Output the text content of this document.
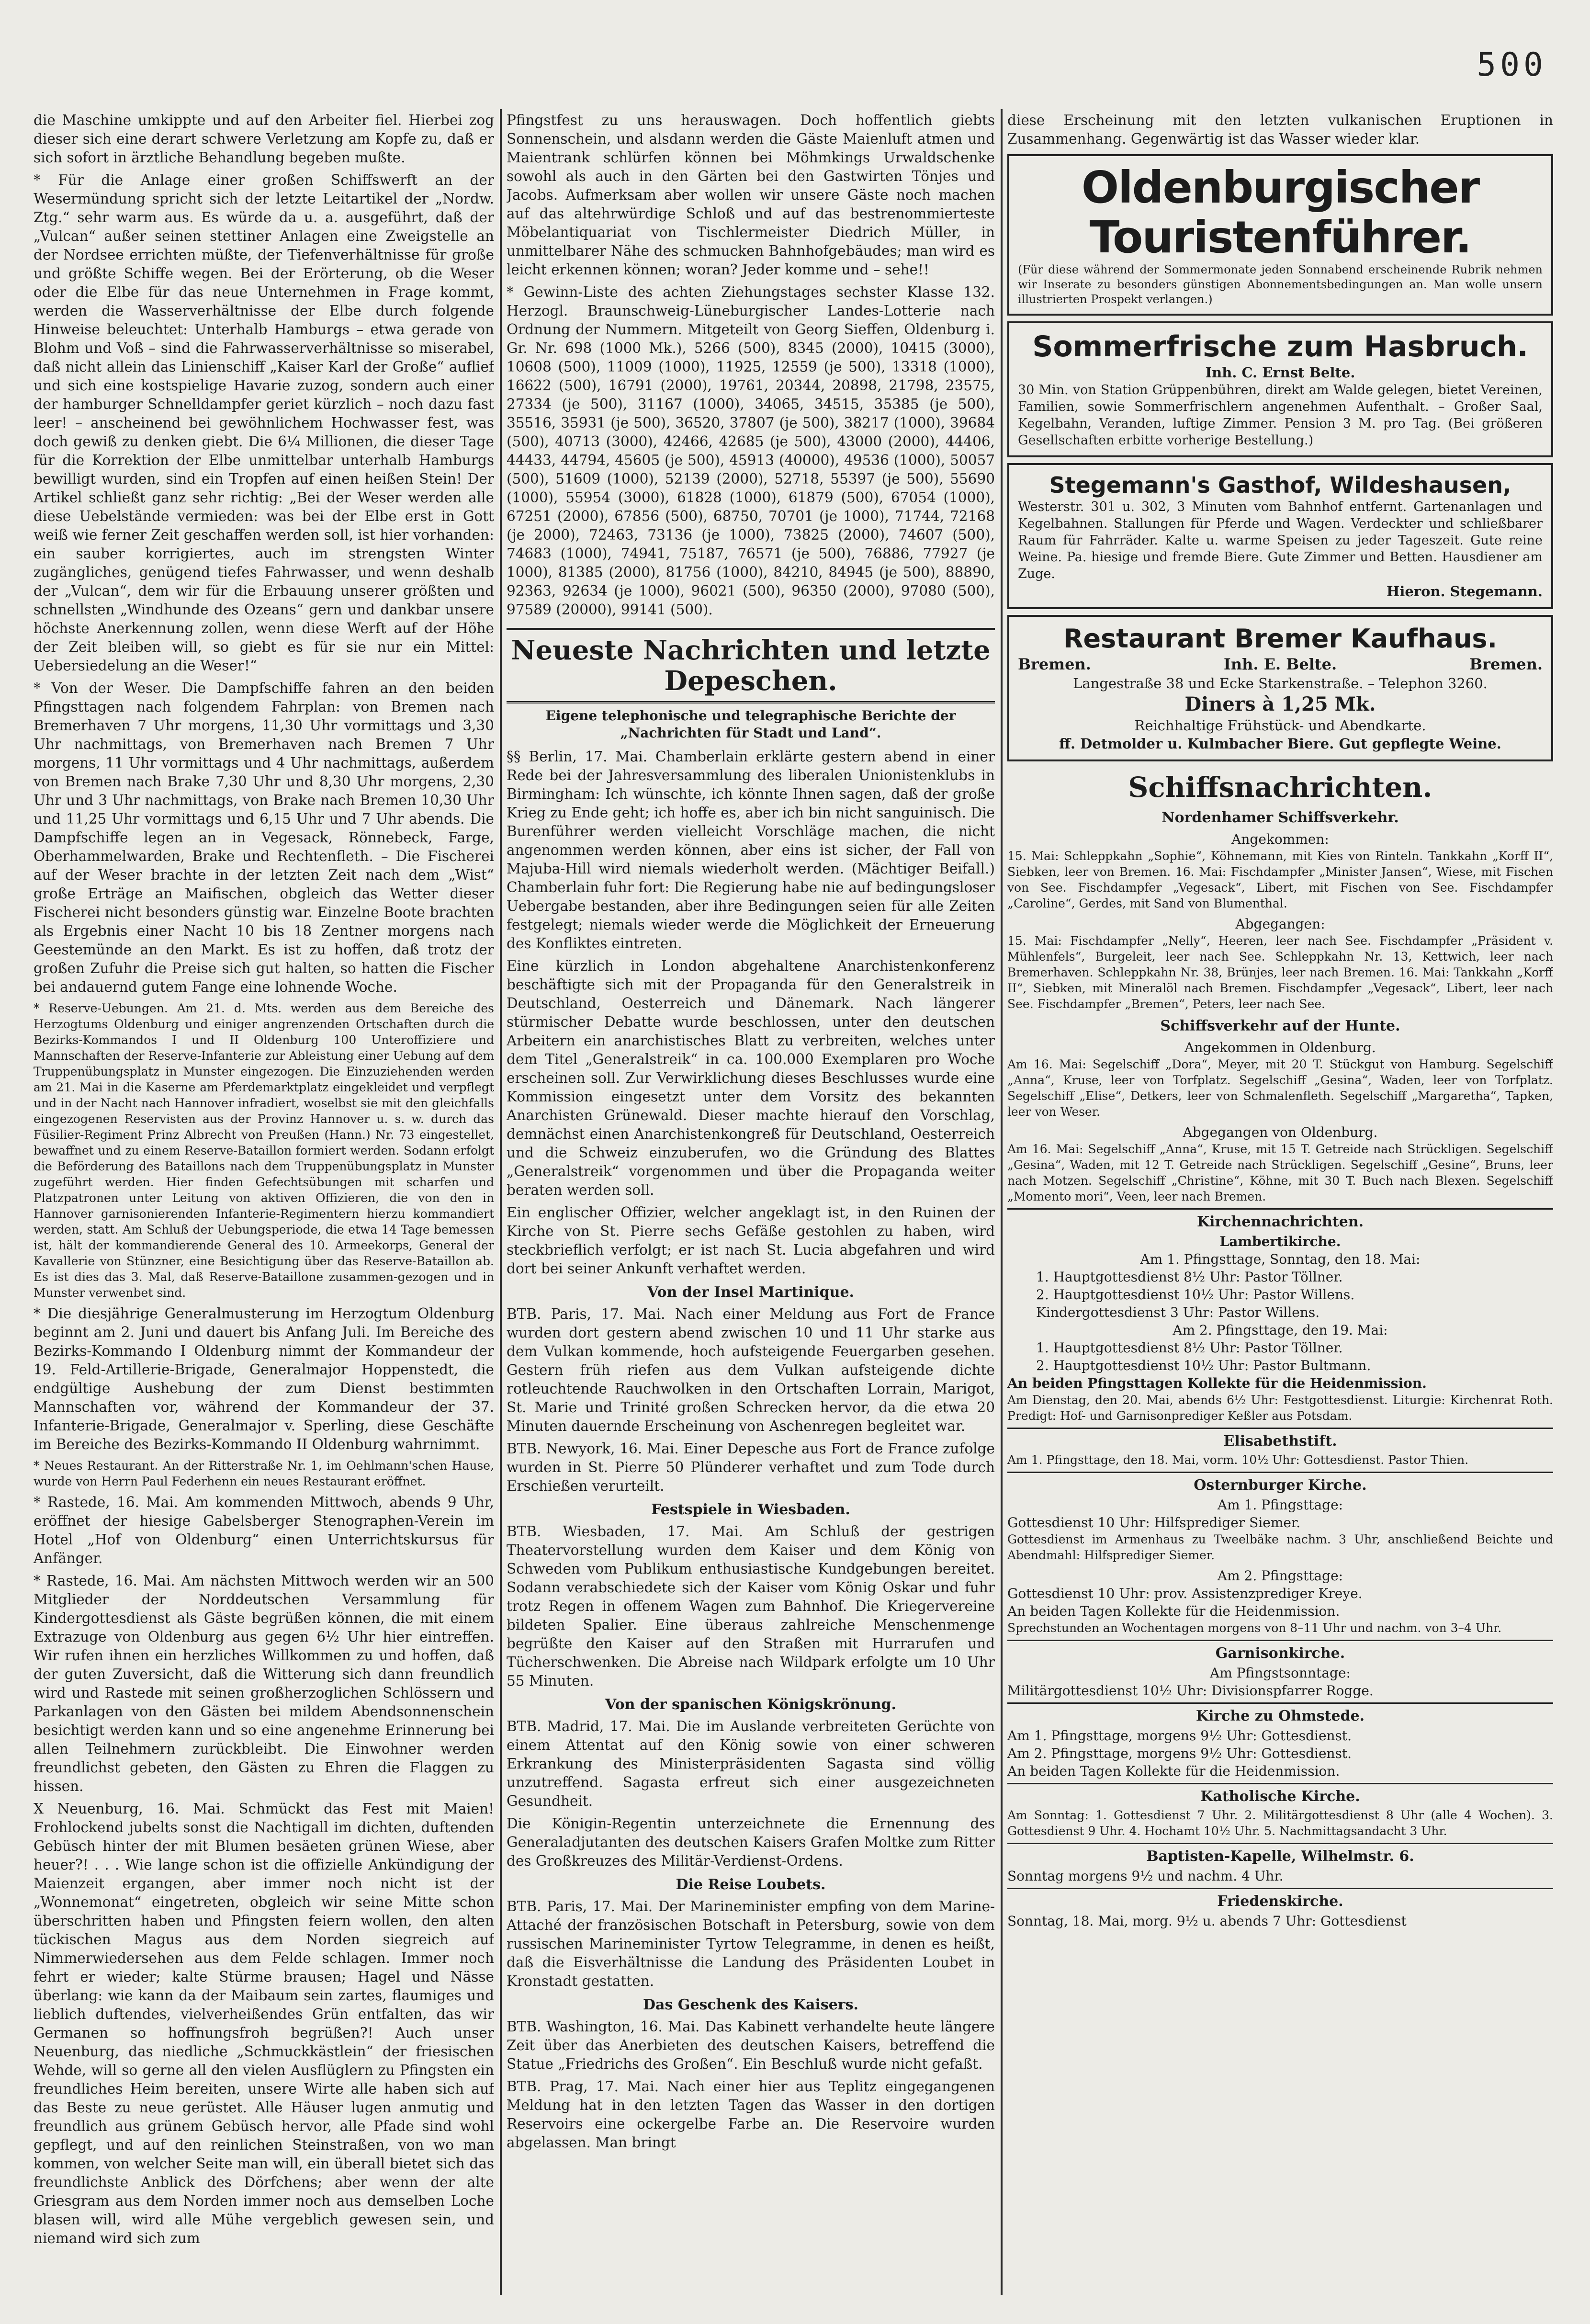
500

die Maschine umkippte und auf den Arbeiter fiel. Hierbei zog dieser sich eine derart schwere Verletzung am Kopfe zu, daß er sich sofort in ärztliche Behandlung begeben mußte.

* Für die Anlage einer großen Schiffswerft an der Wesermündung spricht sich der letzte Leitartikel der „Nordw. Ztg.“ sehr warm aus. Es würde da u. a. ausgeführt, daß der „Vulcan“ außer seinen stettiner Anlagen eine Zweigstelle an der Nordsee errichten müßte, der Tiefenverhältnisse für große und größte Schiffe wegen. Bei der Erörterung, ob die Weser oder die Elbe für das neue Unternehmen in Frage kommt, werden die Wasserverhältnisse der Elbe durch folgende Hinweise beleuchtet: Unterhalb Hamburgs – etwa gerade von Blohm und Voß – sind die Fahrwasserverhältnisse so miserabel, daß nicht allein das Linienschiff „Kaiser Karl der Große“ auflief und sich eine kostspielige Havarie zuzog, sondern auch einer der hamburger Schnelldampfer geriet kürzlich – noch dazu fast leer! – anscheinend bei gewöhnlichem Hochwasser fest, was doch gewiß zu denken giebt. Die 6¼ Millionen, die dieser Tage für die Korrektion der Elbe unmittelbar unterhalb Hamburgs bewilligt wurden, sind ein Tropfen auf einen heißen Stein! Der Artikel schließt ganz sehr richtig: „Bei der Weser werden alle diese Uebelstände vermieden: was bei der Elbe erst in Gott weiß wie ferner Zeit geschaffen werden soll, ist hier vorhanden: ein sauber korrigiertes, auch im strengsten Winter zugängliches, genügend tiefes Fahrwasser, und wenn deshalb der „Vulcan“, dem wir für die Erbauung unserer größten und schnellsten „Windhunde des Ozeans“ gern und dankbar unsere höchste Anerkennung zollen, wenn diese Werft auf der Höhe der Zeit bleiben will, so giebt es für sie nur ein Mittel: Uebersiedelung an die Weser!“

* Von der Weser. Die Dampfschiffe fahren an den beiden Pfingsttagen nach folgendem Fahrplan: von Bremen nach Bremerhaven 7 Uhr morgens, 11,30 Uhr vormittags und 3,30 Uhr nachmittags, von Bremerhaven nach Bremen 7 Uhr morgens, 11 Uhr vormittags und 4 Uhr nachmittags, außerdem von Bremen nach Brake 7,30 Uhr und 8,30 Uhr morgens, 2,30 Uhr und 3 Uhr nachmittags, von Brake nach Bremen 10,30 Uhr und 11,25 Uhr vormittags und 6,15 Uhr und 7 Uhr abends. Die Dampfschiffe legen an in Vegesack, Rönnebeck, Farge, Oberhammelwarden, Brake und Rechtenfleth. – Die Fischerei auf der Weser brachte in der letzten Zeit nach dem „Wist“ große Erträge an Maifischen, obgleich das Wetter dieser Fischerei nicht besonders günstig war. Einzelne Boote brachten als Ergebnis einer Nacht 10 bis 18 Zentner morgens nach Geestemünde an den Markt. Es ist zu hoffen, daß trotz der großen Zufuhr die Preise sich gut halten, so hatten die Fischer bei andauernd gutem Fange eine lohnende Woche.

* Reserve-Uebungen. Am 21. d. Mts. werden aus dem Bereiche des Herzogtums Oldenburg und einiger angrenzenden Ortschaften durch die Bezirks-Kommandos I und II Oldenburg 100 Unteroffiziere und Mannschaften der Reserve-Infanterie zur Ableistung einer Uebung auf dem Truppenübungsplatz in Munster eingezogen. Die Einzuziehenden werden am 21. Mai in die Kaserne am Pferdemarktplatz eingekleidet und verpflegt und in der Nacht nach Hannover infradiert, woselbst sie mit den gleichfalls eingezogenen Reservisten aus der Provinz Hannover u. s. w. durch das Füsilier-Regiment Prinz Albrecht von Preußen (Hann.) Nr. 73 eingestellet, bewaffnet und zu einem Reserve-Bataillon formiert werden. Sodann erfolgt die Beförderung des Bataillons nach dem Truppenübungsplatz in Munster zugeführt werden. Hier finden Gefechtsübungen mit scharfen und Platzpatronen unter Leitung von aktiven Offizieren, die von den in Hannover garnisonierenden Infanterie-Regimentern hierzu kommandiert werden, statt. Am Schluß der Uebungsperiode, die etwa 14 Tage bemessen ist, hält der kommandierende General des 10. Armeekorps, General der Kavallerie von Stünzner, eine Besichtigung über das Reserve-Bataillon ab. Es ist dies das 3. Mal, daß Reserve-Bataillone zusammen-gezogen und in Munster verwenbet sind.

* Die diesjährige Generalmusterung im Herzogtum Oldenburg beginnt am 2. Juni und dauert bis Anfang Juli. Im Bereiche des Bezirks-Kommando I Oldenburg nimmt der Kommandeur der 19. Feld-Artillerie-Brigade, Generalmajor Hoppenstedt, die endgültige Aushebung der zum Dienst bestimmten Mannschaften vor, während der Kommandeur der 37. Infanterie-Brigade, Generalmajor v. Sperling, diese Geschäfte im Bereiche des Bezirks-Kommando II Oldenburg wahrnimmt.

* Neues Restaurant. An der Ritterstraße Nr. 1, im Oehlmann'schen Hause, wurde von Herrn Paul Federhenn ein neues Restaurant eröffnet.

* Rastede, 16. Mai. Am kommenden Mittwoch, abends 9 Uhr, eröffnet der hiesige Gabelsberger Stenographen-Verein im Hotel „Hof von Oldenburg“ einen Unterrichtskursus für Anfänger.

* Rastede, 16. Mai. Am nächsten Mittwoch werden wir an 500 Mitglieder der Norddeutschen Versammlung für Kindergottesdienst als Gäste begrüßen können, die mit einem Extrazuge von Oldenburg aus gegen 6½ Uhr hier eintreffen. Wir rufen ihnen ein herzliches Willkommen zu und hoffen, daß der guten Zuversicht, daß die Witterung sich dann freundlich wird und Rastede mit seinen großherzoglichen Schlössern und Parkanlagen von den Gästen bei mildem Abendsonnenschein besichtigt werden kann und so eine angenehme Erinnerung bei allen Teilnehmern zurückbleibt. Die Einwohner werden freundlichst gebeten, den Gästen zu Ehren die Flaggen zu hissen.

X Neuenburg, 16. Mai. Schmückt das Fest mit Maien! Frohlockend jubelts sonst die Nachtigall im dichten, duftenden Gebüsch hinter der mit Blumen besäeten grünen Wiese, aber heuer?! . . . Wie lange schon ist die offizielle Ankündigung der Maienzeit ergangen, aber immer noch nicht ist der „Wonnemonat“ eingetreten, obgleich wir seine Mitte schon überschritten haben und Pfingsten feiern wollen, den alten tückischen Magus aus dem Norden siegreich auf Nimmerwiedersehen aus dem Felde schlagen. Immer noch fehrt er wieder; kalte Stürme brausen; Hagel und Nässe überlang: wie kann da der Maibaum sein zartes, flaumiges und lieblich duftendes, vielverheißendes Grün entfalten, das wir Germanen so hoffnungsfroh begrüßen?! Auch unser Neuenburg, das niedliche „Schmuckkästlein“ der friesischen Wehde, will so gerne all den vielen Ausflüglern zu Pfingsten ein freundliches Heim bereiten, unsere Wirte alle haben sich auf das Beste zu neue gerüstet. Alle Häuser lugen anmutig und freundlich aus grünem Gebüsch hervor, alle Pfade sind wohl gepflegt, und auf den reinlichen Steinstraßen, von wo man kommen, von welcher Seite man will, ein überall bietet sich das freundlichste Anblick des Dörfchens; aber wenn der alte Griesgram aus dem Norden immer noch aus demselben Loche blasen will, wird alle Mühe vergeblich gewesen sein, und niemand wird sich zum

Pfingstfest zu uns herauswagen. Doch hoffentlich giebts Sonnenschein, und alsdann werden die Gäste Maienluft atmen und Maientrank schlürfen können bei Möhmkings Urwaldschenke sowohl als auch in den Gärten bei den Gastwirten Tönjes und Jacobs. Aufmerksam aber wollen wir unsere Gäste noch machen auf das altehrwürdige Schloß und auf das bestrenommierteste Möbelantiquariat von Tischlermeister Diedrich Müller, in unmittelbarer Nähe des schmucken Bahnhofgebäudes; man wird es leicht erkennen können; woran? Jeder komme und – sehe!!

* Gewinn-Liste des achten Ziehungstages sechster Klasse 132. Herzogl. Braunschweig-Lüneburgischer Landes-Lotterie nach Ordnung der Nummern. Mitgeteilt von Georg Sieffen, Oldenburg i. Gr. Nr. 698 (1000 Mk.), 5266 (500), 8345 (2000), 10415 (3000), 10608 (500), 11009 (1000), 11925, 12559 (je 500), 13318 (1000), 16622 (500), 16791 (2000), 19761, 20344, 20898, 21798, 23575, 27334 (je 500), 31167 (1000), 34065, 34515, 35385 (je 500), 35516, 35931 (je 500), 36520, 37807 (je 500), 38217 (1000), 39684 (500), 40713 (3000), 42466, 42685 (je 500), 43000 (2000), 44406, 44433, 44794, 45605 (je 500), 45913 (40000), 49536 (1000), 50057 (500), 51609 (1000), 52139 (2000), 52718, 55397 (je 500), 55690 (1000), 55954 (3000), 61828 (1000), 61879 (500), 67054 (1000), 67251 (2000), 67856 (500), 68750, 70701 (je 1000), 71744, 72168 (je 2000), 72463, 73136 (je 1000), 73825 (2000), 74607 (500), 74683 (1000), 74941, 75187, 76571 (je 500), 76886, 77927 (je 1000), 81385 (2000), 81756 (1000), 84210, 84945 (je 500), 88890, 92363, 92634 (je 1000), 96021 (500), 96350 (2000), 97080 (500), 97589 (20000), 99141 (500).

Neueste Nachrichten und letzte Depeschen.
Eigene telephonische und telegraphische Berichte der „Nachrichten für Stadt und Land“.

§§ Berlin, 17. Mai. Chamberlain erklärte gestern abend in einer Rede bei der Jahresversammlung des liberalen Unionistenklubs in Birmingham: Ich wünschte, ich könnte Ihnen sagen, daß der große Krieg zu Ende geht; ich hoffe es, aber ich bin nicht sanguinisch. Die Burenführer werden vielleicht Vorschläge machen, die nicht angenommen werden können, aber eins ist sicher, der Fall von Majuba-Hill wird niemals wiederholt werden. (Mächtiger Beifall.) Chamberlain fuhr fort: Die Regierung habe nie auf bedingungsloser Uebergabe bestanden, aber ihre Bedingungen seien für alle Zeiten festgelegt; niemals wieder werde die Möglichkeit der Erneuerung des Konfliktes eintreten.

Eine kürzlich in London abgehaltene Anarchistenkonferenz beschäftigte sich mit der Propaganda für den Generalstreik in Deutschland, Oesterreich und Dänemark. Nach längerer stürmischer Debatte wurde beschlossen, unter den deutschen Arbeitern ein anarchistisches Blatt zu verbreiten, welches unter dem Titel „Generalstreik“ in ca. 100.000 Exemplaren pro Woche erscheinen soll. Zur Verwirklichung dieses Beschlusses wurde eine Kommission eingesetzt unter dem Vorsitz des bekannten Anarchisten Grünewald. Dieser machte hierauf den Vorschlag, demnächst einen Anarchistenkongreß für Deutschland, Oesterreich und die Schweiz einzuberufen, wo die Gründung des Blattes „Generalstreik“ vorgenommen und über die Propaganda weiter beraten werden soll.

Ein englischer Offizier, welcher angeklagt ist, in den Ruinen der Kirche von St. Pierre sechs Gefäße gestohlen zu haben, wird steckbrieflich verfolgt; er ist nach St. Lucia abgefahren und wird dort bei seiner Ankunft verhaftet werden.

Von der Insel Martinique.

BTB. Paris, 17. Mai. Nach einer Meldung aus Fort de France wurden dort gestern abend zwischen 10 und 11 Uhr starke aus dem Vulkan kommende, hoch aufsteigende Feuergarben gesehen. Gestern früh riefen aus dem Vulkan aufsteigende dichte rotleuchtende Rauchwolken in den Ortschaften Lorrain, Marigot, St. Marie und Trinité großen Schrecken hervor, da die etwa 20 Minuten dauernde Erscheinung von Aschenregen begleitet war.

BTB. Newyork, 16. Mai. Einer Depesche aus Fort de France zufolge wurden in St. Pierre 50 Plünderer verhaftet und zum Tode durch Erschießen verurteilt.

Festspiele in Wiesbaden.

BTB. Wiesbaden, 17. Mai. Am Schluß der gestrigen Theatervorstellung wurden dem Kaiser und dem König von Schweden vom Publikum enthusiastische Kundgebungen bereitet. Sodann verabschiedete sich der Kaiser vom König Oskar und fuhr trotz Regen in offenem Wagen zum Bahnhof. Die Kriegervereine bildeten Spalier. Eine überaus zahlreiche Menschenmenge begrüßte den Kaiser auf den Straßen mit Hurrarufen und Tücherschwenken. Die Abreise nach Wildpark erfolgte um 10 Uhr 55 Minuten.

Von der spanischen Königskrönung.

BTB. Madrid, 17. Mai. Die im Auslande verbreiteten Gerüchte von einem Attentat auf den König sowie von einer schweren Erkrankung des Ministerpräsidenten Sagasta sind völlig unzutreffend. Sagasta erfreut sich einer ausgezeichneten Gesundheit.

Die Königin-Regentin unterzeichnete die Ernennung des Generaladjutanten des deutschen Kaisers Grafen Moltke zum Ritter des Großkreuzes des Militär-Verdienst-Ordens.

Die Reise Loubets.

BTB. Paris, 17. Mai. Der Marineminister empfing von dem Marine-Attaché der französischen Botschaft in Petersburg, sowie von dem russischen Marineminister Tyrtow Telegramme, in denen es heißt, daß die Eisverhältnisse die Landung des Präsidenten Loubet in Kronstadt gestatten.

Das Geschenk des Kaisers.

BTB. Washington, 16. Mai. Das Kabinett verhandelte heute längere Zeit über das Anerbieten des deutschen Kaisers, betreffend die Statue „Friedrichs des Großen“. Ein Beschluß wurde nicht gefaßt.

BTB. Prag, 17. Mai. Nach einer hier aus Teplitz eingegangenen Meldung hat in den letzten Tagen das Wasser in den dortigen Reservoirs eine ockergelbe Farbe an. Die Reservoire wurden abgelassen. Man bringt

diese Erscheinung mit den letzten vulkanischen Eruptionen in Zusammenhang. Gegenwärtig ist das Wasser wieder klar.

Oldenburgischer
Touristenführer.
(Für diese während der Sommermonate jeden Sonnabend erscheinende Rubrik nehmen wir Inserate zu besonders günstigen Abonnementsbedingungen an. Man wolle unsern illustrierten Prospekt verlangen.)
Sommerfrische zum Hasbruch.
Inh. C. Ernst Belte.
30 Min. von Station Grüppenbühren, direkt am Walde gelegen, bietet Vereinen, Familien, sowie Sommerfrischlern angenehmen Aufenthalt. – Großer Saal, Kegelbahn, Veranden, luftige Zimmer. Pension 3 M. pro Tag. (Bei größeren Gesellschaften erbitte vorherige Bestellung.)
Stegemann's Gasthof, Wildeshausen,
Westerstr. 301 u. 302, 3 Minuten vom Bahnhof entfernt. Gartenanlagen und Kegelbahnen. Stallungen für Pferde und Wagen. Verdeckter und schließbarer Raum für Fahrräder. Kalte u. warme Speisen zu jeder Tageszeit. Gute reine Weine. Pa. hiesige und fremde Biere. Gute Zimmer und Betten. Hausdiener am Zuge.
Hieron. Stegemann.
Restaurant Bremer Kaufhaus.
Bremen.	Inh. E. Belte.	Bremen.
Langestraße 38 und Ecke Starkenstraße. – Telephon 3260.
Diners à 1,25 Mk.
Reichhaltige Frühstück- und Abendkarte.
ff. Detmolder u. Kulmbacher Biere. Gut gepflegte Weine.
Schiffsnachrichten.
Nordenhamer Schiffsverkehr.
Angekommen:

15. Mai: Schleppkahn „Sophie“, Köhnemann, mit Kies von Rinteln. Tankkahn „Korff II“, Siebken, leer von Bremen. 16. Mai: Fischdampfer „Minister Jansen“, Wiese, mit Fischen von See. Fischdampfer „Vegesack“, Libert, mit Fischen von See. Fischdampfer „Caroline“, Gerdes, mit Sand von Blumenthal.

Abgegangen:

15. Mai: Fischdampfer „Nelly“, Heeren, leer nach See. Fischdampfer „Präsident v. Mühlenfels“, Burgeleit, leer nach See. Schleppkahn Nr. 13, Kettwich, leer nach Bremerhaven. Schleppkahn Nr. 38, Brünjes, leer nach Bremen. 16. Mai: Tankkahn „Korff II“, Siebken, mit Mineralöl nach Bremen. Fischdampfer „Vegesack“, Libert, leer nach See. Fischdampfer „Bremen“, Peters, leer nach See.

Schiffsverkehr auf der Hunte.
Angekommen in Oldenburg.

Am 16. Mai: Segelschiff „Dora“, Meyer, mit 20 T. Stückgut von Hamburg. Segelschiff „Anna“, Kruse, leer von Torfplatz. Segelschiff „Gesina“, Waden, leer von Torfplatz. Segelschiff „Elise“, Detkers, leer von Schmalenfleth. Segelschiff „Margaretha“, Tapken, leer von Weser.

Abgegangen von Oldenburg.

Am 16. Mai: Segelschiff „Anna“, Kruse, mit 15 T. Getreide nach Strückligen. Segelschiff „Gesina“, Waden, mit 12 T. Getreide nach Strückligen. Segelschiff „Gesine“, Bruns, leer nach Motzen. Segelschiff „Christine“, Köhne, mit 30 T. Buch nach Blexen. Segelschiff „Momento mori“, Veen, leer nach Bremen.

Kirchennachrichten.
Lambertikirche.
Am 1. Pfingsttage, Sonntag, den 18. Mai:
1. Hauptgottesdienst 8½ Uhr: Pastor Töllner.
2. Hauptgottesdienst 10½ Uhr: Pastor Willens.
Kindergottesdienst 3 Uhr: Pastor Willens.
Am 2. Pfingsttage, den 19. Mai:
1. Hauptgottesdienst 8½ Uhr: Pastor Töllner.
2. Hauptgottesdienst 10½ Uhr: Pastor Bultmann.
An beiden Pfingsttagen Kollekte für die Heidenmission.

Am Dienstag, den 20. Mai, abends 6½ Uhr: Festgottesdienst. Liturgie: Kirchenrat Roth. Predigt: Hof- und Garnisonprediger Keßler aus Potsdam.

Elisabethstift.

Am 1. Pfingsttage, den 18. Mai, vorm. 10½ Uhr: Gottesdienst. Pastor Thien.

Osternburger Kirche.
Am 1. Pfingsttage:
Gottesdienst 10 Uhr: Hilfsprediger Siemer.

Gottesdienst im Armenhaus zu Tweelbäke nachm. 3 Uhr, anschließend Beichte und Abendmahl: Hilfsprediger Siemer.

Am 2. Pfingsttage:
Gottesdienst 10 Uhr: prov. Assistenzprediger Kreye.
An beiden Tagen Kollekte für die Heidenmission.

Sprechstunden an Wochentagen morgens von 8–11 Uhr und nachm. von 3–4 Uhr.

Garnisonkirche.
Am Pfingstsonntage:
Militärgottesdienst 10½ Uhr: Divisionspfarrer Rogge.
Kirche zu Ohmstede.
Am 1. Pfingsttage, morgens 9½ Uhr: Gottesdienst.
Am 2. Pfingsttage, morgens 9½ Uhr: Gottesdienst.
An beiden Tagen Kollekte für die Heidenmission.
Katholische Kirche.

Am Sonntag: 1. Gottesdienst 7 Uhr. 2. Militärgottesdienst 8 Uhr (alle 4 Wochen). 3. Gottesdienst 9 Uhr. 4. Hochamt 10½ Uhr. 5. Nachmittagsandacht 3 Uhr.

Baptisten-Kapelle, Wilhelmstr. 6.
Sonntag morgens 9½ und nachm. 4 Uhr.
Friedenskirche.
Sonntag, 18. Mai, morg. 9½ u. abends 7 Uhr: Gottesdienst
